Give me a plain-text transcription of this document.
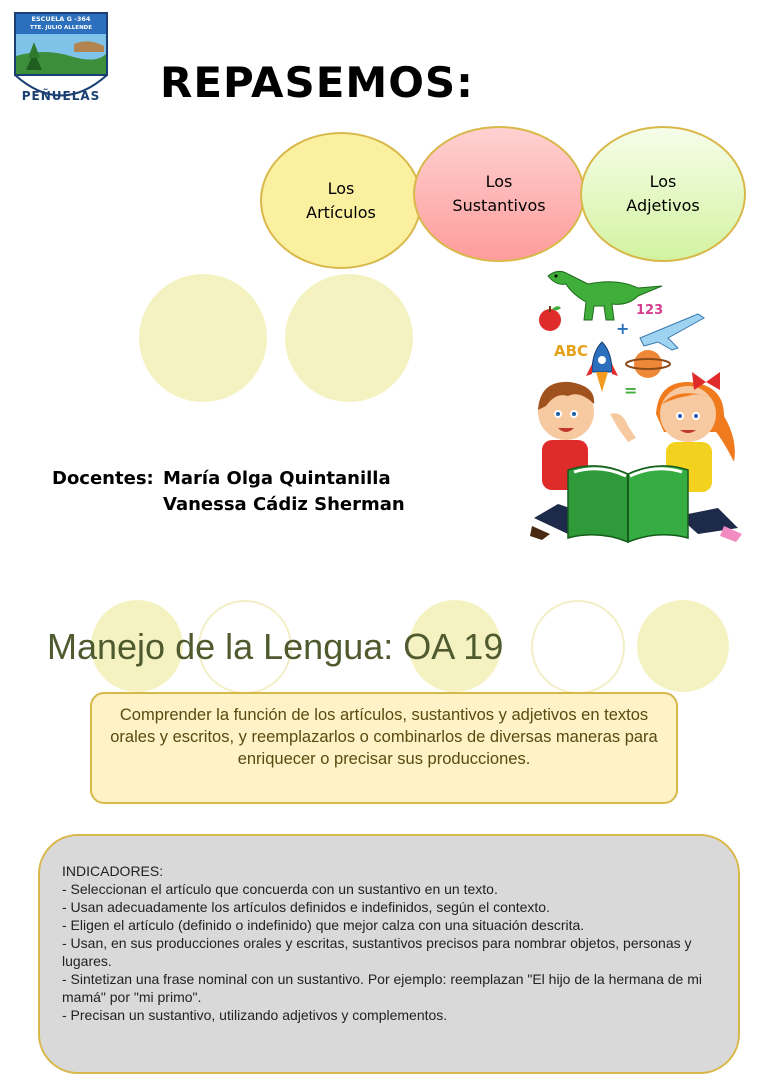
ESCUELA G -364
TTE. JULIO ALLENDE
PEÑUELAS REPASEMOS:
Los
Artículos
Los
Sustantivos
Los
Adjetivos
Docentes: María Olga Quintanilla
Vanessa Cádiz Sherman
123
+
ABC
=
Manejo de la Lengua: OA 19
Comprender la función de los artículos, sustantivos y adjetivos en textos orales y escritos, y reemplazarlos o combinarlos de diversas maneras para enriquecer o precisar sus producciones.
INDICADORES:
- Seleccionan el artículo que concuerda con un sustantivo en un texto.
- Usan adecuadamente los artículos definidos e indefinidos, según el contexto.
- Eligen el artículo (definido o indefinido) que mejor calza con una situación descrita.
- Usan, en sus producciones orales y escritas, sustantivos precisos para nombrar objetos, personas y lugares.
- Sintetizan una frase nominal con un sustantivo. Por ejemplo: reemplazan "El hijo de la hermana de mi mamá" por "mi primo".
- Precisan un sustantivo, utilizando adjetivos y complementos.
